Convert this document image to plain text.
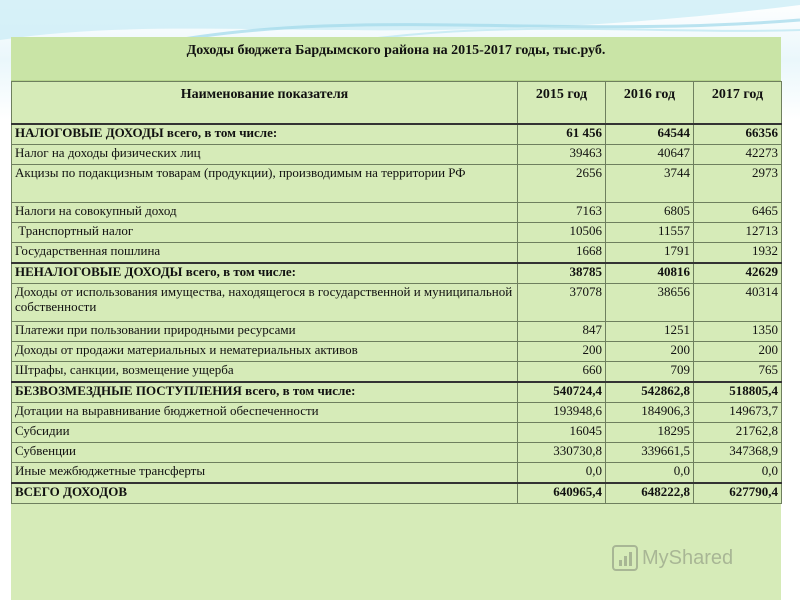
Доходы бюджета Бардымского района на 2015-2017 годы, тыс.руб.
Наименование показателя	2015 год	2016 год	2017 год
НАЛОГОВЫЕ ДОХОДЫ всего, в том числе:	61 456	64544	66356
Налог на доходы физических лиц	39463	40647	42273
Акцизы по подакцизным товарам (продукции), производимым на территории РФ	2656	3744	2973
Налоги на совокупный доход	7163	6805	6465
Транспортный налог	10506	11557	12713
Государственная пошлина	1668	1791	1932
НЕНАЛОГОВЫЕ ДОХОДЫ всего, в том числе:	38785	40816	42629
Доходы от использования имущества, находящегося в государственной и муниципальной собственности	37078	38656	40314
Платежи при пользовании природными ресурсами	847	1251	1350
Доходы от продажи материальных и нематериальных активов	200	200	200
Штрафы, санкции, возмещение ущерба	660	709	765
БЕЗВОЗМЕЗДНЫЕ ПОСТУПЛЕНИЯ всего, в том числе:	540724,4	542862,8	518805,4
Дотации на выравнивание бюджетной обеспеченности	193948,6	184906,3	149673,7
Субсидии	16045	18295	21762,8
Субвенции	330730,8	339661,5	347368,9
Иные межбюджетные трансферты	0,0	0,0	0,0
ВСЕГО ДОХОДОВ	640965,4	648222,8	627790,4
MyShared
